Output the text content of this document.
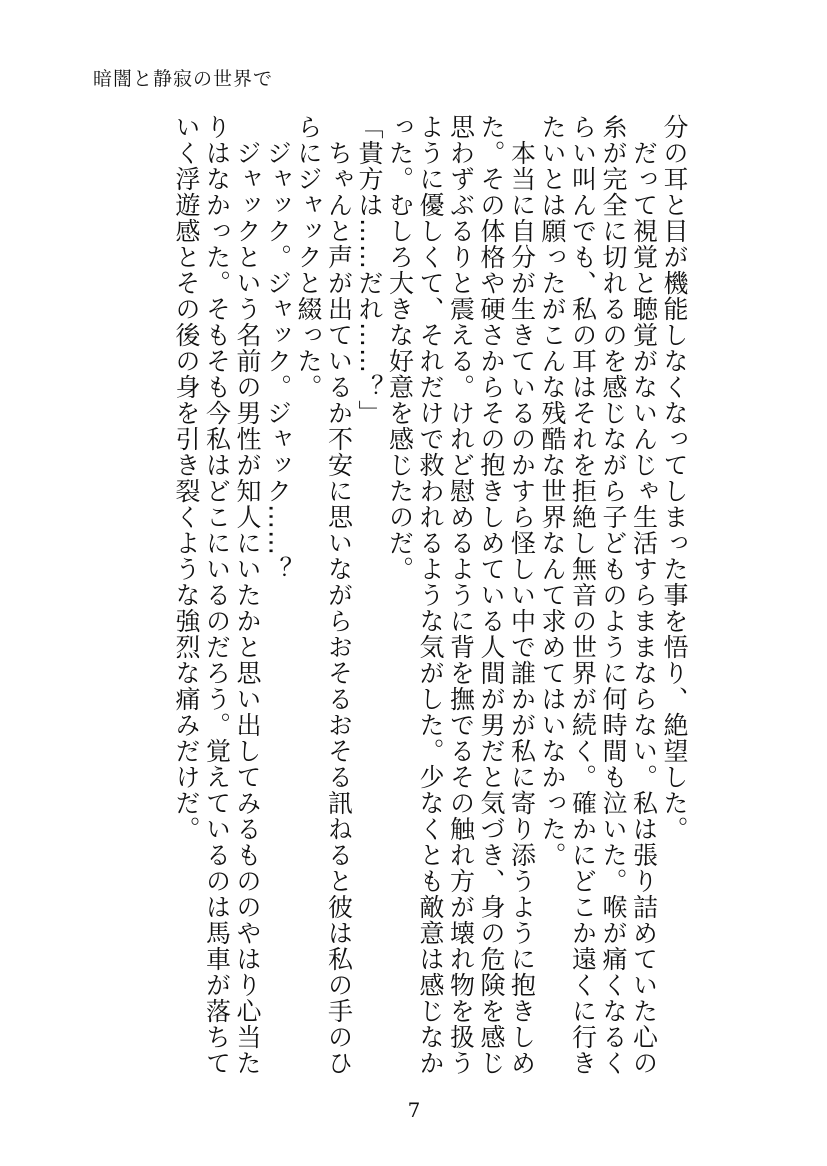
暗闇と静寂の世界で

分の耳と目が機能しなくなってしまった事を悟り、絶望した。

　だって視覚と聴覚がないんじゃ生活すらままならない。私は張り詰めていた心の糸が完全に切れるのを感じながら子どものように何時間も泣いた。喉が痛くなるくらい叫んでも、私の耳はそれを拒絶し無音の世界が続く。確かにどこか遠くに行きたいとは願ったがこんな残酷な世界なんて求めてはいなかった。

　本当に自分が生きているのかすら怪しい中で誰かが私に寄り添うように抱きしめた。その体格や硬さからその抱きしめている人間が男だと気づき、身の危険を感じ思わずぶるりと震える。けれど慰めるように背を撫でるその触れ方が壊れ物を扱うように優しくて、それだけで救われるような気がした。少なくとも敵意は感じなかった。むしろ大きな好意を感じたのだ。

「貴方は……だれ……？」

　ちゃんと声が出ているか不安に思いながらおそるおそる訊ねると彼は私の手のひらにジャックと綴った。

　ジャック。ジャック。ジャック……？

　ジャックという名前の男性が知人にいたかと思い出してみるもののやはり心当たりはなかった。そもそも今私はどこにいるのだろう。覚えているのは馬車が落ちていく浮遊感とその後の身を引き裂くような強烈な痛みだけだ。

7
